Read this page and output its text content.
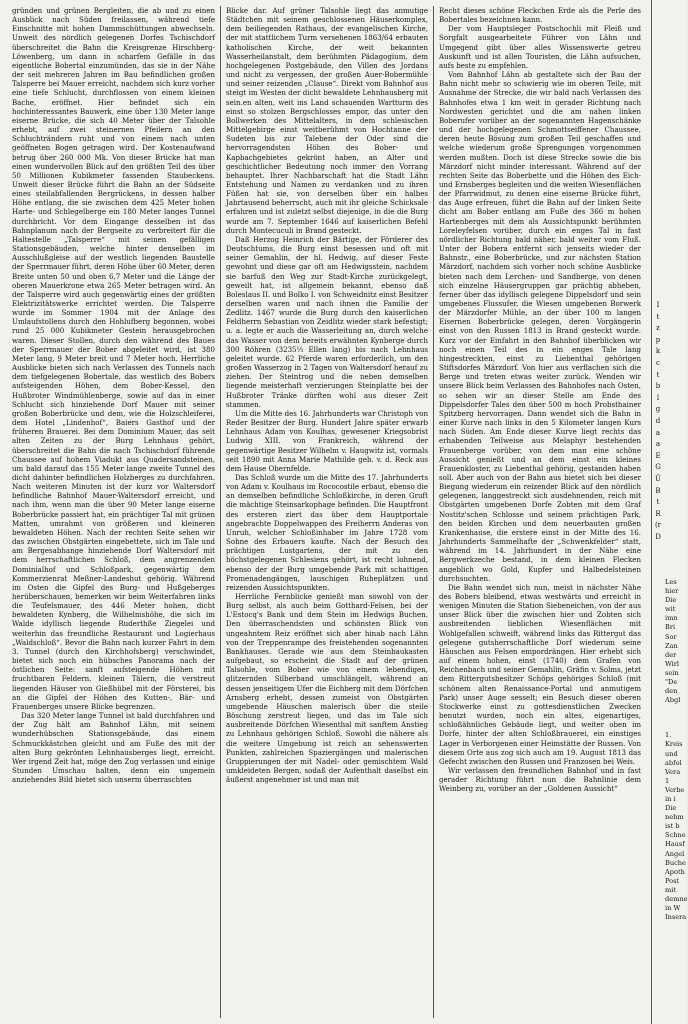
gründen und grünen Bergleiten, die ab und zu einen Ausblick nach Süden freilassen, während tiefe Einschnitte mit hohen Dammschüttungen abwechseln. Unweit des nördlich gelegenen Dorfes Tschischdorf überschreitet die Bahn die Kreisgrenze Hirschberg-Löwenberg, um dann in scharfem Gefälle in das eigentliche Bobertal einzumünden, das sie in der Nähe der seit mehreren Jahren im Bau befindlichen großen Talsperre bei Mauer erreicht, nachdem sich kurz vorher eine tiefe Schlucht, durchflossen von einem kleinen Bache, eröffnet. Hier befindet sich ein hochinteressantes Bauwerk, eine über 130 Meter lange eiserne Brücke, die sich 40 Meter über der Talsohle erhebt, auf zwei steinernen Pfeilern an den Schluchträndern ruht und von einem nach unten geöffneten Bogen getragen wird. Der Kostenaufwand betrug über 260 000 Mk. Von dieser Brücke hat man einen wundervollen Blick auf den größten Teil des über 50 Millionen Kubikmeter fassenden Staubeckens. Unweit dieser Brücke führt die Bahn an der Südseite eines steilabfallenden Bergrückens, in dessen halber Höhe entlang, die sie zwischen dem 425 Meter hohen Harte- und Schlegelberge ein 180 Meter langes Tunnel durchbricht. Vor dem Eingange desselben ist das Bahnplanum nach der Bergseite zu verbreitert für die Haltestelle „Talsperre“ mit seinen gefälligen Stationsgebäuden, welche hinter denselben im Ausschlußgleise auf der westlich liegenden Baustelle der Sperrmauer führt, deren Höhe über 60 Meter, deren Breite unten 50 und oben 6,7 Meter und die Länge der oberen Mauerkrone etwa 265 Meter betragen wird. An der Talsperre wird auch gegenwärtig eines der größten Elektrizitätswerke errichtet werden. Die Talsperre wurde im Sommer 1904 mit der Anlage des Umlaufstollens durch den Hohlufberg begonnen, wobei rund 25 000 Kubikmeter Gestein herausgebrochen waren. Dieser Stollen, durch den während des Baues der Sperrmauer der Bober abgeleitet wird, ist 380 Meter lang, 9 Meter breit und 7 Meter hoch. Herrliche Ausblicke bieten sich nach Verlassen des Tunnels nach dem tiefgelegenen Bobertale, das westlich des Bobers aufsteigenden Höhen, dem Bober-Kessel, den Hußbroter Windmühlenberge, sowie auf das in einer Schlucht sich hinziehende Dorf Mauer mit seiner großen Boberbrücke und dem, wie die Holzschleiferei, dem Hotel „Lindenhof“, Baiers Gasthof und der früheren Brauerei. Bei dem Dominium Mauer, das seit alten Zeiten zu der Burg Lehnhaus gehört, überschreitet die Bahn die nach Tschischdorf führende Chaussee auf hohem Viadukt aus Quadersandsteinen, um bald darauf das 155 Meter lange zweite Tunnel des dicht dahinter befindlichen Holzberges zu durchfahren. Nach weiteren Minuten ist der kurz vor Waltersdorf befindliche Bahnhof Mauer-Waltersdorf erreicht, und nach ihm, wenn man die über 90 Meter lange eiserne Boberbrücke passiert hat, ein prächtiger Tal mit grünen Matten, umrahmt von größeren und kleineren bewaldeten Höhen. Nach der rechten Seite sehen wir das zwischen Obstgärten eingebettete, sich im Tale und am Bergesabhange hinziehende Dorf Waltersdorf mit dem herrschaftlichen Schloß, dem angrenzenden Dominialhof und Schloßpark, gegenwärtig dem Kommerzienrat Meßner-Landeshut gehörig. Während im Osten die Gipfel des Burg- und Hußgeberges herüberschauen, bemerken wir beim Weiterfahren links die Teufelsmauer, des 446 Meter hohen, dicht bewaldeten Kynberg, die Wilhelmshöhe, die sich im Walde idyllisch liegende Ruderthße Ziegelei und weiterhin das freundliche Restaurant und Logierhaus „Waldschloß“. Bevor die Bahn nach kurzer Fahrt in dem 3. Tunnel (durch den Kirchhofsberg) verschwindet, bietet sich noch ein hübsches Panorama nach der östlichen Seite: sanft aufsteigende Höhen mit fruchtbaren Feldern, kleinen Tälern, die verstreut liegenden Häuser von Gießhübel mit der Försterei, bis an die Gipfel der Höhen des Kutten-, Bär- und Frauenberges unsere Blicke begrenzen.

Das 320 Meter lange Tunnel ist bald durchfahren und der Zug hält am Bahnhof Lähn, mit seinem wunderhübschen Stationsgebäude, das einem Schmuckkästchen gleicht und am Fuße des mit der alten Burg gekrönten Lehnhausberges liegt, erreicht. Wer irgend Zeit hat, möge den Zug verlassen und einige Stunden Umschau halten, denn ein ungemein anziehendes Bild bietet sich unserm überraschten

Blicke dar. Auf grüner Talsohle liegt das anmutige Städtchen mit seinem geschlossenen Häuserkomplex, dem beiliegenden Rathaus, der evangelischen Kirche, der mit stattlichem Turm versehenen 1863/64 erbauten katholischen Kirche, der weit bekannten Wasserheilanstalt, dem berühmten Pädagogium, dem hochgelegenen Postgebäude, den Villen des Jordans und nicht zu vergessen, der großen Auer-Bobermühle und seiner reizenden „Clause“. Direkt vom Bahnhof aus steigt im Westen der dicht bewaldete Lehnhausberg mit sein.en alten, weit ins Land schauenden Wartturm des einst so stolzen Bergschlosses empor, das unter den Bollwerken des Mittelalters, in dem schlesischen Mittelgebirge einst weitberühmt von Hochtanne der Sudeten bis zur Talebene der Oder sind die hervorragendsten Höhen des Bober- und Kapbachgebietes gekrönt haben, an Alter und geschichtlicher Bedeutung noch immer den Vorrang behauptet. Ihrer Nachbarschaft hat die Stadt Lähn Entstehung und Namen zu verdanken und zu ihren Füßen hat sie, von derselben über ein halbes Jahrtausend beherrscht, auch mit ihr gleiche Schicksale erfahren und ist zuletzt selbst diejenige, in die die Burg wurde am 7. September 1646 auf kaiserlichen Befehl durch Montecuculi in Brand gesteckt.

Daß Herzog Heinrich der Bärtige, der Förderer des Deutschtums, die Burg einst besessen und oft mit seiner Gemahlin, der hl. Hedwig, auf dieser Feste gewohnt und diese gar oft am Hedwigsstein, nachdem sie barfuß den Weg zur Stadt-Kirche zurückgelegt, geweilt hat, ist allgemein bekannt, ebenso daß Boleslaus II. und Bolko I. von Schweidnitz einst Besitzer derselben waren und nach ihnen die Familie der Zedlitz. 1467 wurde die Burg durch den kaiserlichen Feldherrn Sebastian von Zeidlitz wieder stark befestigt; u. a. legte er auch die Wasserleitung an, durch welche das Wasser von dem bereits erwähnten Kynberge durch 300 Röhren (3235⅓ Ellen lang) bis nach Lehnhaus geleitet wurde. 62 Pferde waren erforderlich, um den großen Wasserzog in 2 Tagen von Waltersdorf herauf zu ziehen. Der Steintrog und die neben demselben liegende meisterhaft verzierungen Steinplatte bei der Hußbroter Tränke dürften wohl aus dieser Zeit stammen.

Um die Mitte des 16. Jahrhunderts war Christoph von Reder Besitzer der Burg. Hundert Jahre später erwarb Lehnhaus Adam von Koulhas, gewesener Kriegsobrist Ludwig XIII. von Frankreich, während der gegenwärtige Besitzer Wilhelm v. Haugwitz ist, vormals seit 1890 mit Anna Marie Mathilde geb. v. d. Reck aus dem Hause Obernfelde.

Das Schloß wurde um die Mitte des 17. Jahrhunderts von Adam v. Koulhaus im Rococostile erbaut, ebenso die an demselben befindliche Schloßkirche, in deren Gruft die mächtige Steinsarkophage befinden. Die Hauptfront des ersteren ziert das über dem Hauptportale angebrachte Doppelwappen des Freiherrn Anderas von Unruh, welcher Schloßinhaber im Jahre 1728 vom Sohne des Erbauers kaufte. Nach der Besuch des prächtigen Lustgartens, der mit zu den höchstgelegenen Schlesiens gehört, ist recht lohnend, ebenso der der Burg umgebende Park mit schattigen Promenadengängen, lauschigen Ruheplätzen und reizenden Aussichtspunkten.

Herrliche Fernblicke genießt man sowohl von der Burg selbst, als auch beim Gotthard-Felsen, bei der L'Estocq's Bank und dem Stein im Hedwigs Buchen. Den überraschendsten und schönsten Blick von ungeahntem Reiz eröffnet sich aber hinab nach Lähn von der Treppenrampe des freistehenden sogenannten Bankhauses. Gerade wie aus dem Steinbaukasten aufgebaut, so erscheint die Stadt auf der grünen Talsohle, vom Bober wie von einem lebendigen, glitzernden Silberband umschlängelt, während an dessen jenseitigem Ufer die Eichberg mit dem Dörfchen Arnsberg erhebt, dessen zumeist von Obstgärten umgebende Häuschen malerisch über die steile Böschung zerstreut liegen, und das im Tale sich ausbreitende Dörfchen Wiesenthal mit sanftem Anstieg zu Lehnhaus gehörigen Schloß. Sowohl die nähere als die weitere Umgebung ist reich an sehenswerten Punkten, zahlreichen Spaziergängen und malerischen Gruppierungen der mit Nadel- oder gemischtem Wald umkleideten Bergen, sodaß der Aufenthalt daselbst ein äußerst angenehmer ist und man mit

Recht dieses schöne Fleckchen Erde als die Perle des Bobertales bezeichnen kann.

Der vom Hauptsleger Postschochli mit Fleiß und Sorgfalt ausgearbeitete Führer von Lähn und Umgegend gibt über alles Wissenswerte getreu Auskunft und ist allen Touristen, die Lähn aufsuchen, aufs beste zu empfehlen.

Vom Bahnhof Lähn ab gestaltete sich der Bau der Bahn nicht mehr so schwierig wie im oberen Teile, mit Ausnahme der Strecke, die wir bald nach Verlassen des Bahnhofes etwa 1 km weit in gerader Richtung nach Nordwesten gerichtet und die am nahen linken Boberufer vorüber an der sogenannten Hagenschänke und der hochgelegenen Schmottseiffener Chaussee, deren heute Bösung zum großen Teil geschaffen und welche wiederum große Sprengungen vorgenommen werden mußten. Doch ist diese Strecke sowie die bis Märzdorf nicht minder interessant. Während auf der rechten Seite das Boberbette und die Höhen des Eich- und Ernsberges begleiten und die weiten Wiesenflächen der Pfarrwidmut, zu denen eine eiserne Brücke führt, das Auge erfreuen, führt die Bahn auf der linken Seite dicht am Bober entlang am Fuße des 366 m hohen Hartenberges mit dem als Aussichtspunkt berühmten Loreleyfelsen vorüber, durch ein enges Tal in fast nördlicher Richtung bald näher, bald weiter vom Fluß. Unter der Bobera entfernt sich jenseits wieder der Bahnstr., eine Boberbrücke, und zur nächsten Station Märzdorf, nachdem sich vorher noch schöne Ausblicke bieten nach dem Lerchen- und Sandberge, von denen sich einzelne Häusergruppen gar prächtig abheben, ferner über das idyllisch gelegene Dippelsdorf und sein umgebenes Flussufer, die Wiesen umgebenen Borwerk der Märzdorfer Mühle, an der über 100 m langen Eisernen Boberbrücke gelegen, deren Vorgängerin einst von den Russen 1813 in Brand gesteckt wurde. Kurz vor der Einfahrt in den Bahnhof überblicken wir noch einen Teil des in ein enges Tale lang hingestreckten, einst zu Liebenthal gehörigen Stiftsdorfes Märzdorf. Von hier aus verflachen sich die Berge und treten etwas weiter zurück. Wenden wir unsere Blick beim Verlassen des Bahnhofes nach Osten, so sehen wir an dieser Stelle am Ende des Dippelsdorfer Tales den über 500 m hoch Probsthainer Spitzberg hervorragen. Dann wendet sich die Bahn in einer Kurve nach links in den 5 Kilometer langen Kurs nach Süden. Am Ende dieser Kurve liegt rechts das erhabenden Teilweise aus Melaphyr bestehenden Frauenberge vorüber, von dem man eine schöne Aussicht genießt und an dem einst ein kleines Frauenkloster, zu Liebenthal gehörig, gestanden haben soll. Aber auch von der Bahn aus bietet sich bei dieser Biegung wiederum ein reizender Blick auf den nördlich gelegenen, langgestreckt sich ausdehnenden, reich mit Obstgärten umgebenen Dorfe Zobten mit dem Graf Nostitz'schen Schlosse und seinem prächtigen Park, den beiden Kirchen und dem neuerbauten großen Krankenhause, die erstere einst in der Mitte des 16. Jahrhunderts Sammelhafte der „Schwenkfelder“ statt, während im 14. Jahrhundert in der Nähe eine Bergwerkzeche bestand, in dem kleinen Flecken angeblich wo Gold, Kupfer und Halbedelsteinen durchsuchten.

Die Bahn wendet sich nun, meist in nächster Nähe des Bobers bleibend, etwas westwärts und erreicht in wenigen Minuten die Station Siebeneichen, von der aus unser Blick über die zwischen hier und Zobten sich ausbreitenden lieblichen Wiesenflächen mit Wohlgefallen schweift, während links das Rittergut das gelegene gutsherrschaftliche Dorf wiederum seine Häuschen aus Felsen empordrängen. Hier erhebt sich auf einem hohen, einst (1740) dem Grafen von Reichenbach und seiner Gemahlin, Gräfin v. Solms, jetzt dem Rittergutsbesitzer Schöps gehöriges Schloß (mit schönem alten Renaissance-Portal und anmutigem Park) unser Auge sesselt; ein Besuch dieser oberen Stockwerke einst zu gottesdienstlichen Zwecken benutzt wurden, noch ein altes, eigenartiges, schloßähnliches Gebäude liegt, und weiter oben im Dorfe, hinter der alten Schloßbrauerei, ein einstiges Lager in Verborgenen einer Heimstätte der Russen. Von diesem Orte aus zog sich auch am 19. August 1813 das Gefecht zwischen den Russen und Franzosen bei Weis.

Wir verlassen den freundlichen Bahnhof und in fast gerader Richtung führt nun die Bahnlinie dem Weinberg zu, vorüber an der „Goldenen Aussicht“

I
t
z
p
k
c
t
b
l
g
d
a
a
E
G
Ü
B
t
R
(r
D
Les
hier
Die
wit
imn
Bri
Sor
Zan
der
Wirl
sein
"De
den
Abgl
1.
Kreis
und
abfol
Vera
1
Verbe
in i
Die
nehm
ist b
Schne
Hausf
Angel
Buche
Apoth
Post
mit
demne
in W
Insera
